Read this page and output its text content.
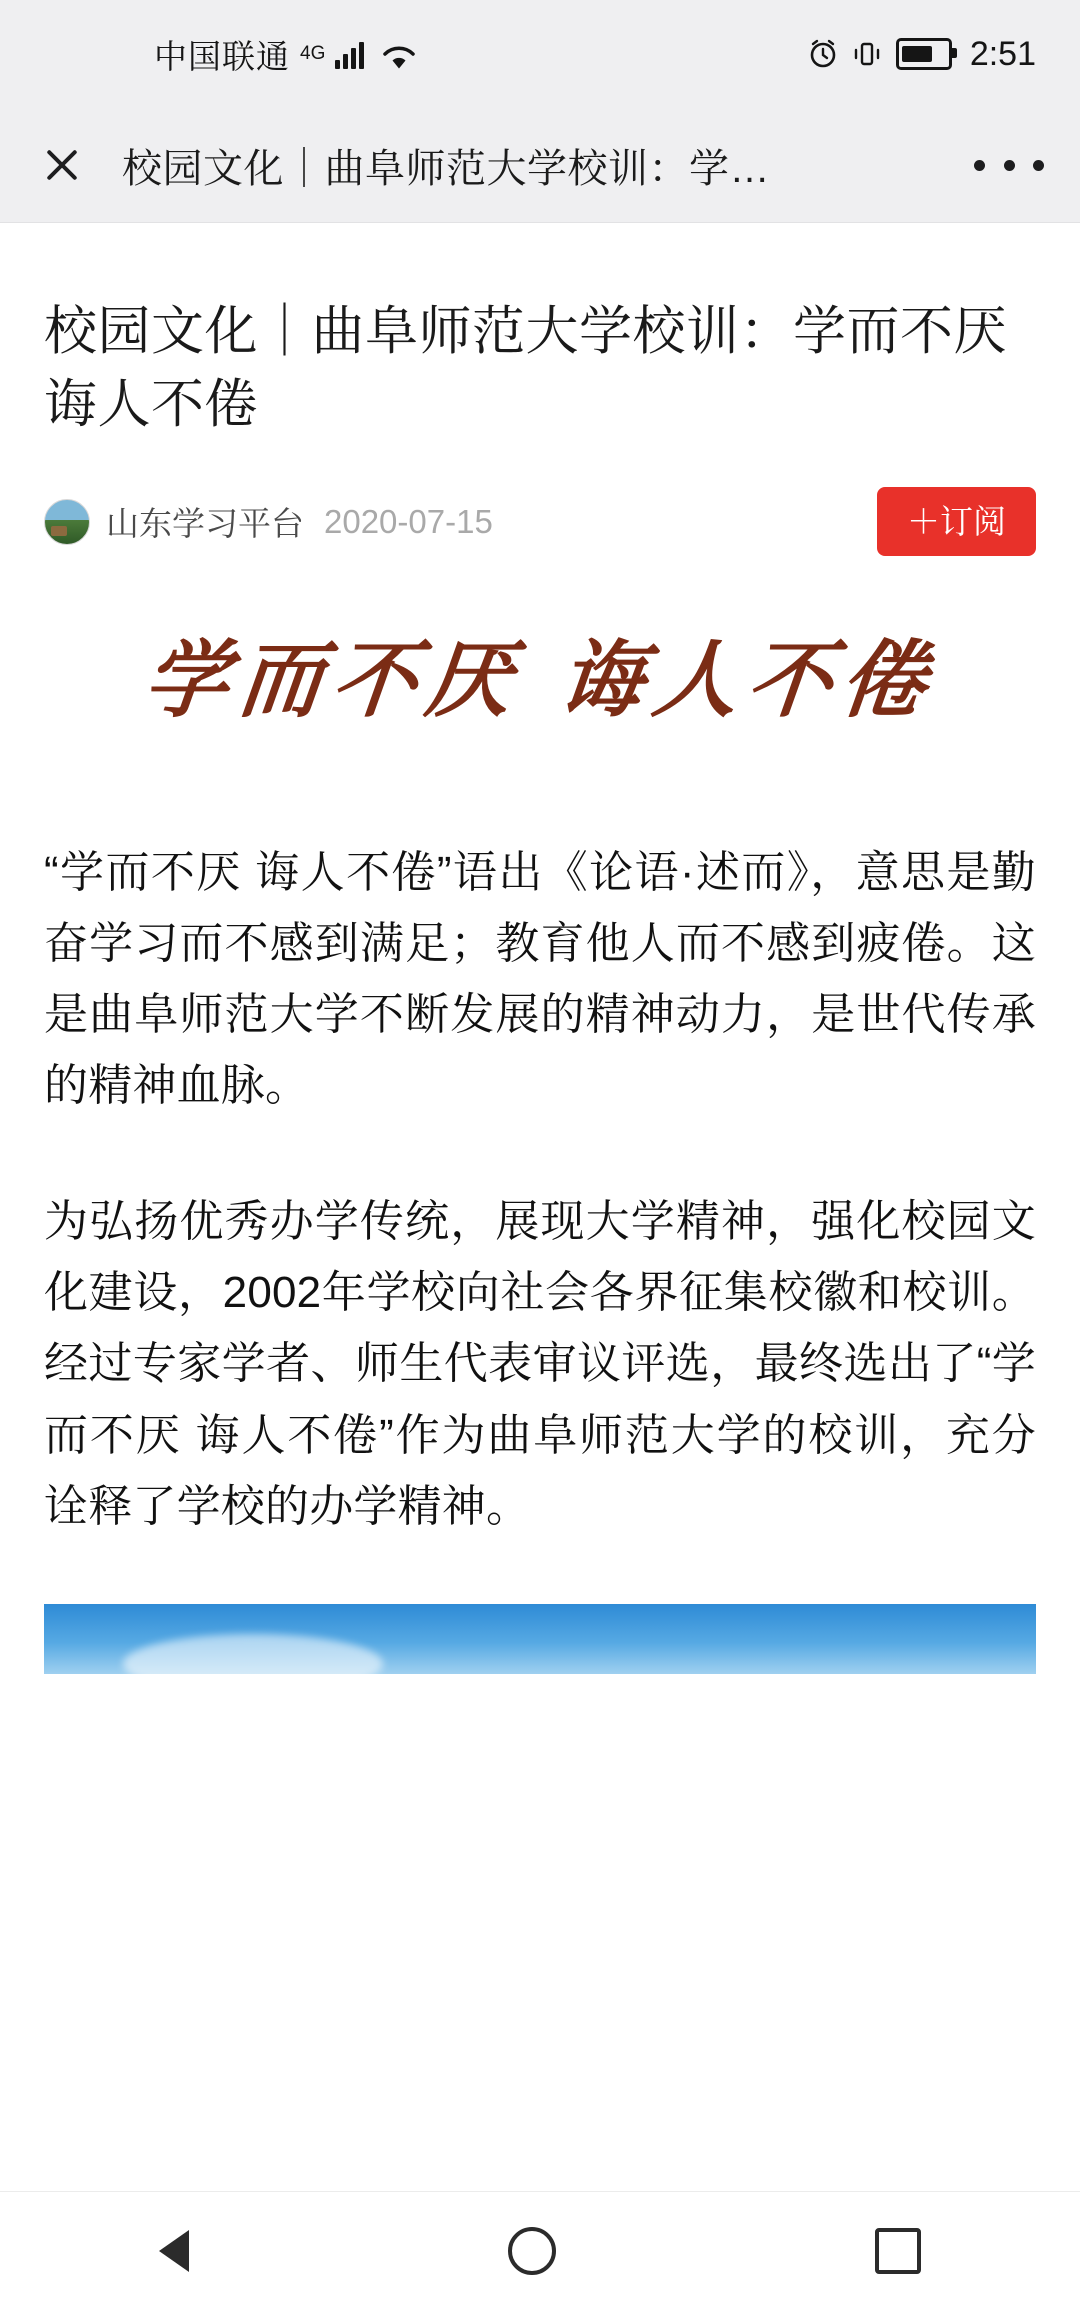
中国联通 4G	2:51
校园文化｜曲阜师范大学校训：学…
校园文化｜曲阜师范大学校训：学而不厌 诲人不倦
山东学习平台 2020-07-15	＋订阅
学而不厌 诲人不倦

“学而不厌 诲人不倦”语出《论语·述而》，意思是勤奋学习而不感到满足；教育他人而不感到疲倦。这是曲阜师范大学不断发展的精神动力，是世代传承的精神血脉。

为弘扬优秀办学传统，展现大学精神，强化校园文化建设，2002年学校向社会各界征集校徽和校训。经过专家学者、师生代表审议评选，最终选出了“学而不厌 诲人不倦”作为曲阜师范大学的校训，充分诠释了学校的办学精神。
